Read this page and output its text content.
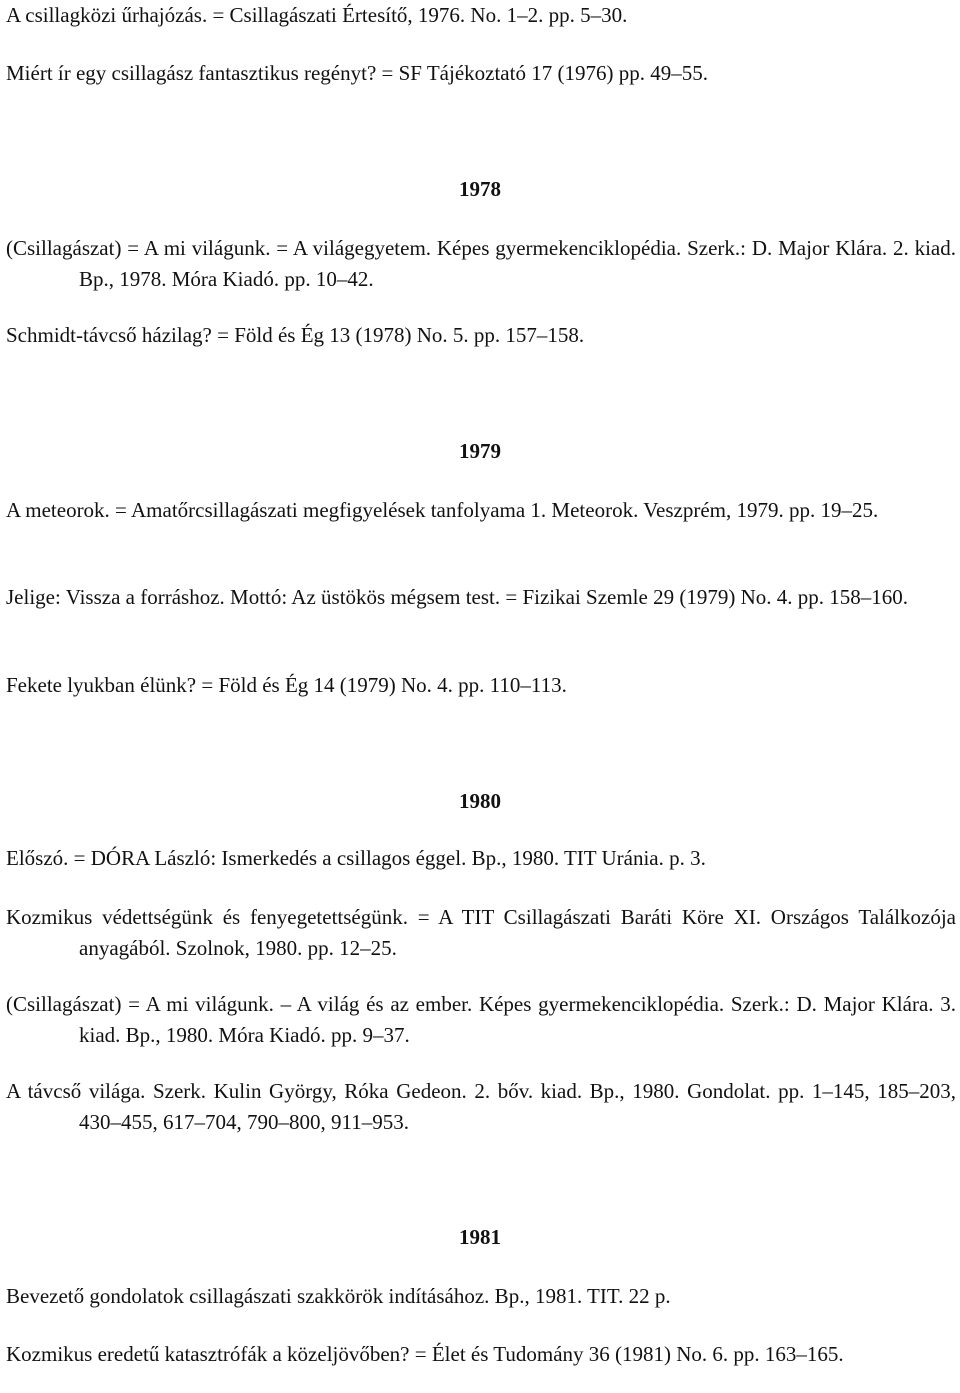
A csillagközi űrhajózás. = Csillagászati Értesítő, 1976. No. 1–2. pp. 5–30.

Miért ír egy csillagász fantasztikus regényt? = SF Tájékoztató 17 (1976) pp. 49–55.

1978

(Csillagászat) = A mi világunk. = A világegyetem. Képes gyermekenciklopédia. Szerk.: D. Major Klára. 2. kiad. Bp., 1978. Móra Kiadó. pp. 10–42.

Schmidt-távcső házilag? = Föld és Ég 13 (1978) No. 5. pp. 157–158.

1979

A meteorok. = Amatőrcsillagászati megfigyelések tanfolyama 1. Meteorok. Veszprém, 1979. pp. 19–25.

Jelige: Vissza a forráshoz. Mottó: Az üstökös mégsem test. = Fizikai Szemle 29 (1979) No. 4. pp. 158–160.

Fekete lyukban élünk? = Föld és Ég 14 (1979) No. 4. pp. 110–113.

1980

Előszó. = DÓRA László: Ismerkedés a csillagos éggel. Bp., 1980. TIT Uránia. p. 3.

Kozmikus védettségünk és fenyegetettségünk. = A TIT Csillagászati Baráti Köre XI. Országos Találkozója anyagából. Szolnok, 1980. pp. 12–25.

(Csillagászat) = A mi világunk. – A világ és az ember. Képes gyermekenciklopédia. Szerk.: D. Major Klára. 3. kiad. Bp., 1980. Móra Kiadó. pp. 9–37.

A távcső világa. Szerk. Kulin György, Róka Gedeon. 2. bőv. kiad. Bp., 1980. Gondolat. pp. 1–145, 185–203, 430–455, 617–704, 790–800, 911–953.

1981

Bevezető gondolatok csillagászati szakkörök indításához. Bp., 1981. TIT. 22 p.

Kozmikus eredetű katasztrófák a közeljövőben? = Élet és Tudomány 36 (1981) No. 6. pp. 163–165.
